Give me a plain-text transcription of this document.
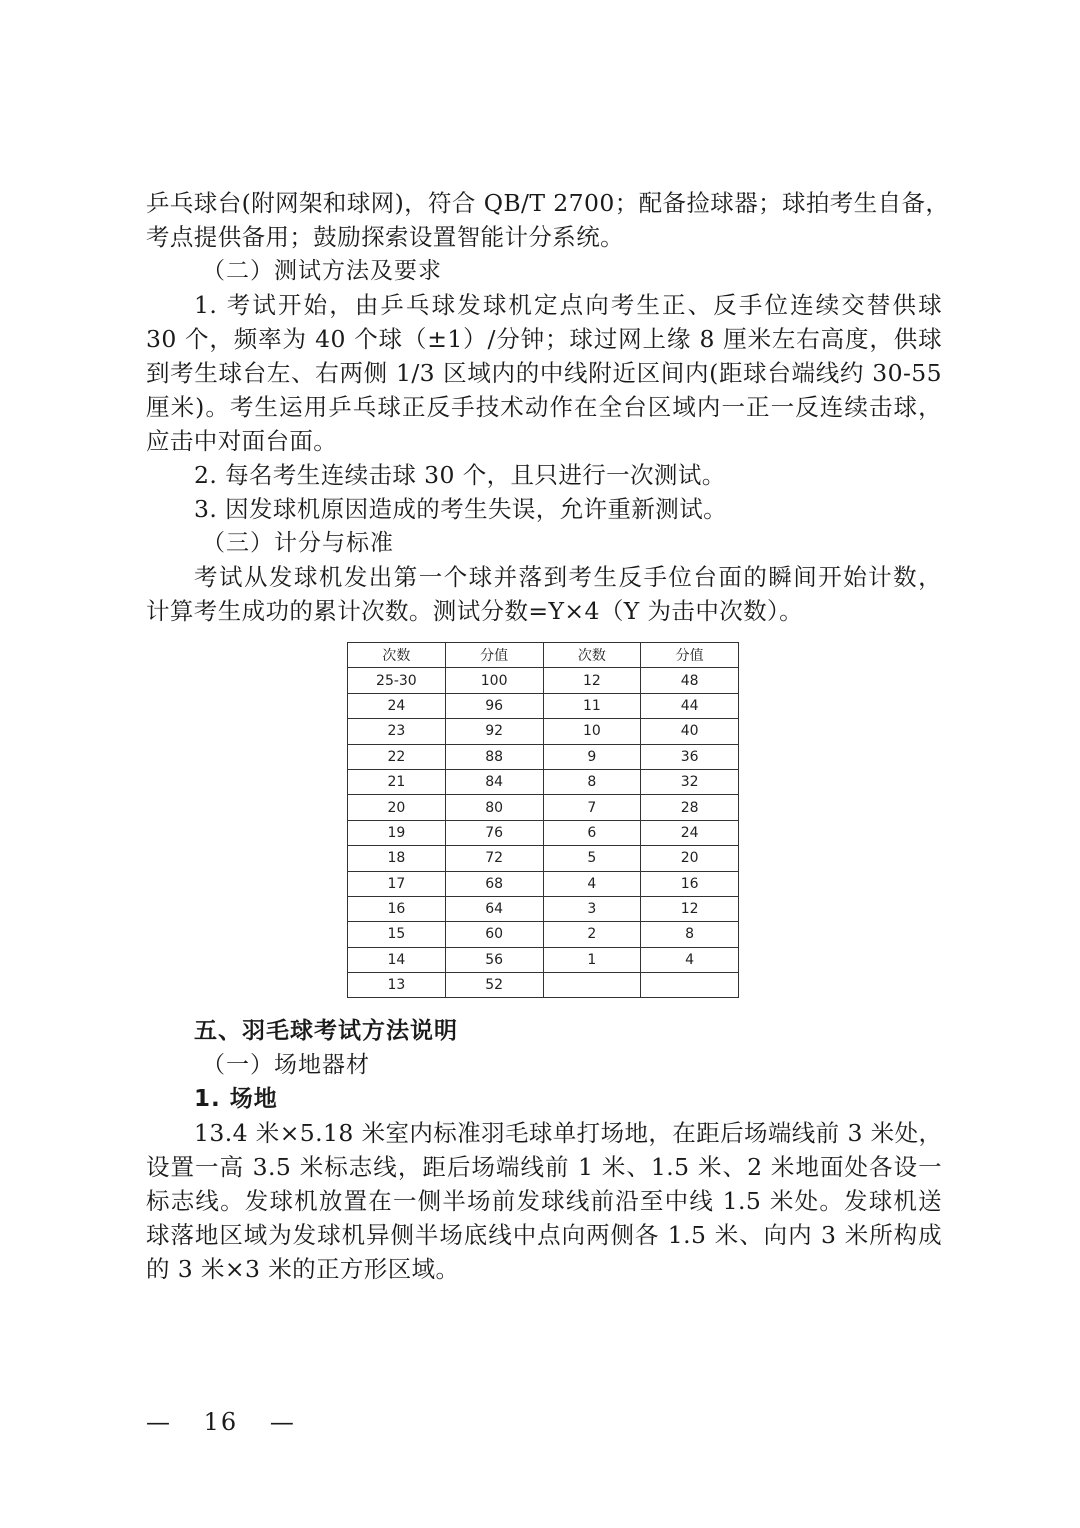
乒乓球台(附网架和球网)，符合 QB/T 2700；配备捡球器；球拍考生自备，
考点提供备用；鼓励探索设置智能计分系统。
（二）测试方法及要求
1. 考试开始，由乒乓球发球机定点向考生正、反手位连续交替供球
30 个，频率为 40 个球（±1）/分钟；球过网上缘 8 厘米左右高度，供球
到考生球台左、右两侧 1/3 区域内的中线附近区间内(距球台端线约 30-55
厘米)。考生运用乒乓球正反手技术动作在全台区域内一正一反连续击球，
应击中对面台面。
2. 每名考生连续击球 30 个，且只进行一次测试。
3. 因发球机原因造成的考生失误，允许重新测试。
（三）计分与标准
考试从发球机发出第一个球并落到考生反手位台面的瞬间开始计数，
计算考生成功的累计次数。测试分数=Y×4（Y 为击中次数）。
次数	分值	次数	分值
25-30	100	12	48
24	96	11	44
23	92	10	40
22	88	9	36
21	84	8	32
20	80	7	28
19	76	6	24
18	72	5	20
17	68	4	16
16	64	3	12
15	60	2	8
14	56	1	4
13	52		
五、羽毛球考试方法说明
（一）场地器材
1. 场地
13.4 米×5.18 米室内标准羽毛球单打场地，在距后场端线前 3 米处，
设置一高 3.5 米标志线，距后场端线前 1 米、1.5 米、2 米地面处各设一
标志线。发球机放置在一侧半场前发球线前沿至中线 1.5 米处。发球机送
球落地区域为发球机异侧半场底线中点向两侧各 1.5 米、向内 3 米所构成
的 3 米×3 米的正方形区域。
— 16 —
